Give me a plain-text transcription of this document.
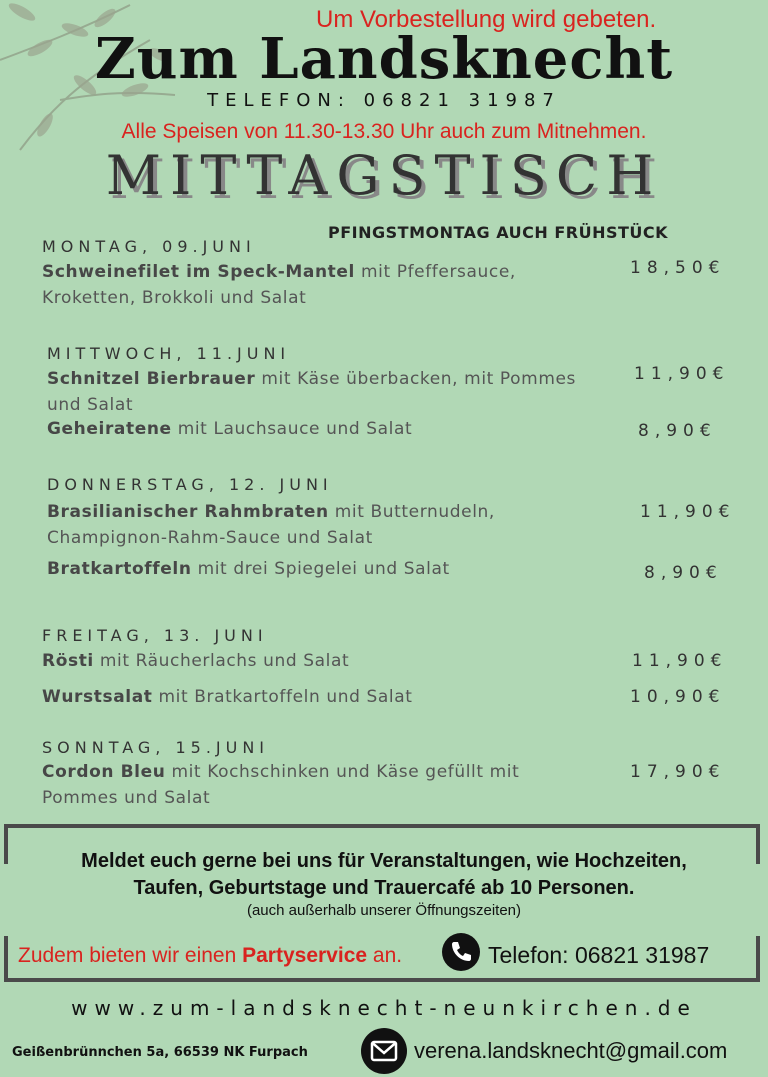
Um Vorbestellung wird gebeten.
Zum Landsknecht
TELEFON: 06821 31987
Alle Speisen von 11.30-13.30 Uhr auch zum Mitnehmen.
MITTAGSTISCH
PFINGSTMONTAG AUCH FRÜHSTÜCK
MONTAG, 09.JUNI
Schweinefilet im Speck-Mantel mit Pfeffersauce, Kroketten, Brokkoli und Salat
18,50€
MITTWOCH, 11.JUNI
Schnitzel Bierbrauer mit Käse überbacken, mit Pommes und Salat
11,90€
Geheiratene mit Lauchsauce und Salat	8,90€
DONNERSTAG, 12. JUNI
Brasilianischer Rahmbraten mit Butternudeln, Champignon-Rahm-Sauce und Salat
11,90€
Bratkartoffeln mit drei Spiegelei und Salat	8,90€
FREITAG, 13. JUNI
Rösti mit Räucherlachs und Salat	11,90€
Wurstsalat mit Bratkartoffeln und Salat	10,90€
SONNTAG, 15.JUNI
Cordon Bleu mit Kochschinken und Käse gefüllt mit Pommes und Salat
17,90€
Meldet euch gerne bei uns für Veranstaltungen, wie Hochzeiten,
Taufen, Geburtstage und Trauercafé ab 10 Personen.
(auch außerhalb unserer Öffnungszeiten)
Zudem bieten wir einen Partyservice an.	Telefon: 06821 31987
www.zum-landsknecht-neunkirchen.de
Geißenbrünnchen 5a, 66539 NK Furpach	verena.landsknecht@gmail.com
